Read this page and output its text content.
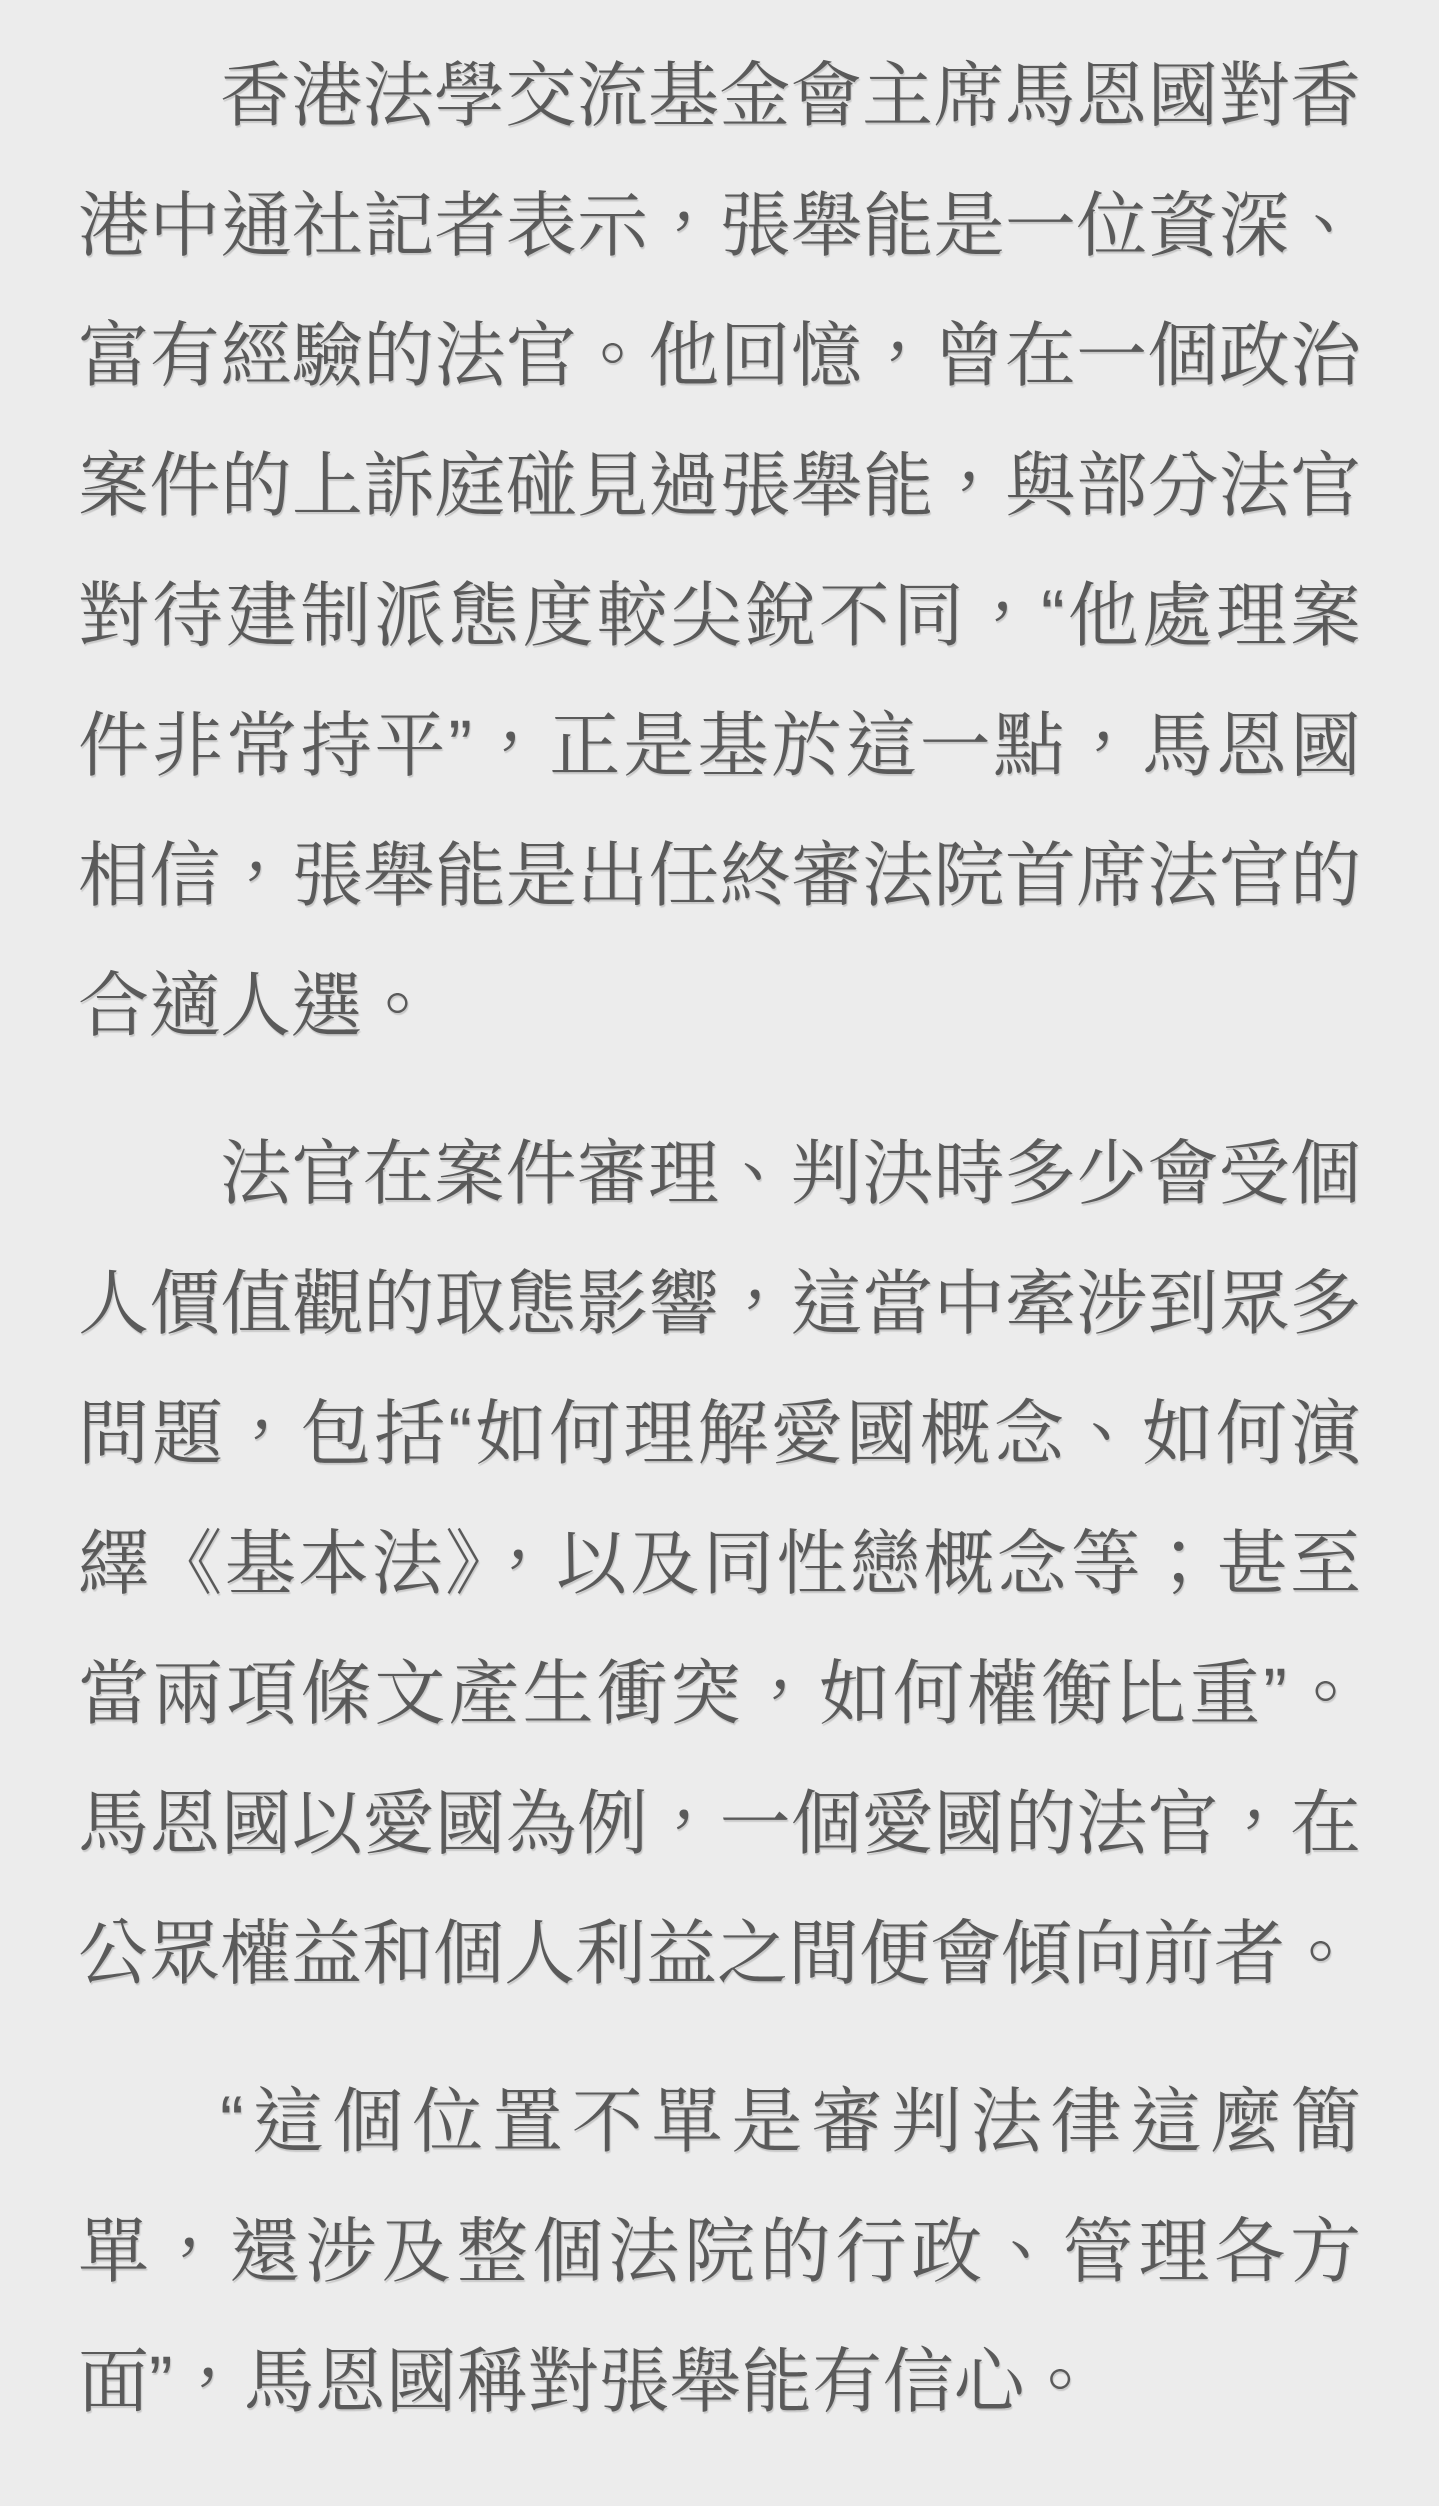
香港法學交流基金會主席馬恩國對香港中通社記者表示，張舉能是一位資深、富有經驗的法官。他回憶，曾在一個政治案件的上訴庭碰見過張舉能，與部分法官對待建制派態度較尖銳不同，“他處理案件非常持平”，正是基於這一點，馬恩國相信，張舉能是出任終審法院首席法官的合適人選。

法官在案件審理、判決時多少會受個人價值觀的取態影響，這當中牽涉到眾多問題，包括“如何理解愛國概念、如何演繹《基本法》，以及同性戀概念等；甚至當兩項條文產生衝突，如何權衡比重”。馬恩國以愛國為例，一個愛國的法官，在公眾權益和個人利益之間便會傾向前者。

“這個位置不單是審判法律這麼簡單，還涉及整個法院的行政、管理各方面”，馬恩國稱對張舉能有信心。
